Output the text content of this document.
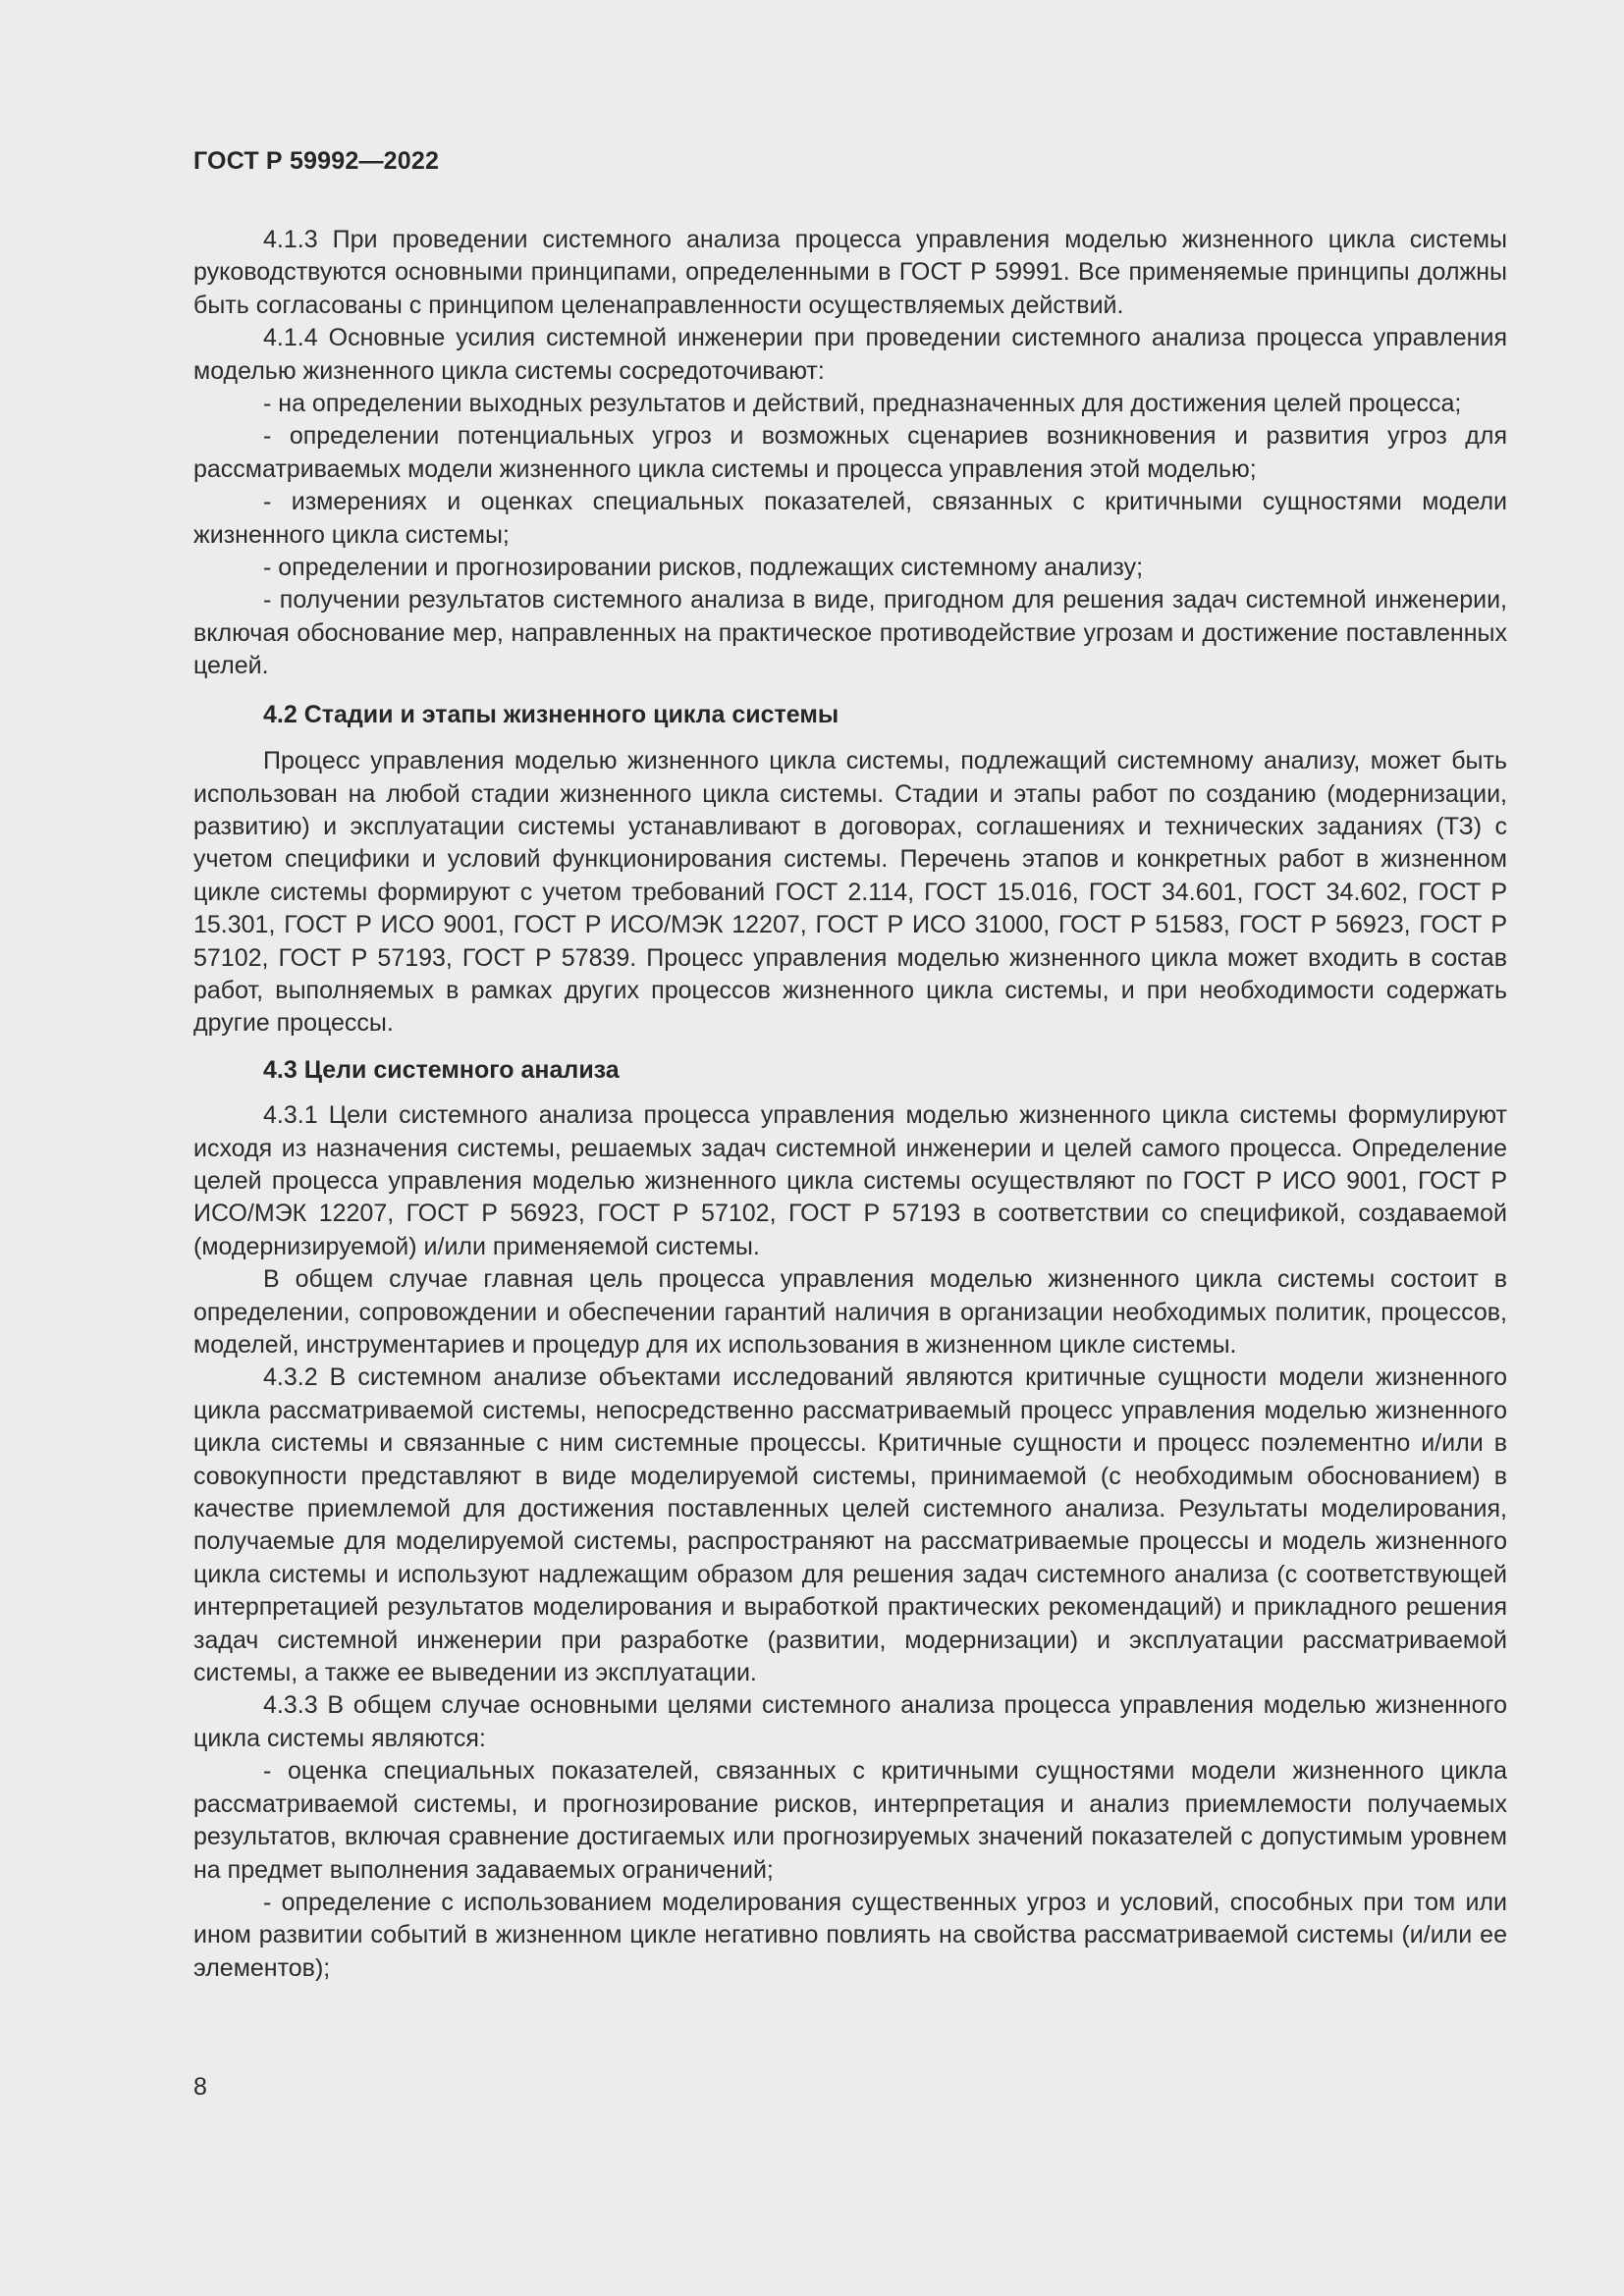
ГОСТ Р 59992—2022

4.1.3 При проведении системного анализа процесса управления моделью жизненного цикла системы руководствуются основными принципами, определенными в ГОСТ Р 59991. Все применяемые принципы должны быть согласованы с принципом целенаправленности осуществляемых действий.

4.1.4 Основные усилия системной инженерии при проведении системного анализа процесса управления моделью жизненного цикла системы сосредоточивают:

- на определении выходных результатов и действий, предназначенных для достижения целей процесса;

- определении потенциальных угроз и возможных сценариев возникновения и развития угроз для рассматриваемых модели жизненного цикла системы и процесса управления этой моделью;

- измерениях и оценках специальных показателей, связанных с критичными сущностями модели жизненного цикла системы;

- определении и прогнозировании рисков, подлежащих системному анализу;

- получении результатов системного анализа в виде, пригодном для решения задач системной инженерии, включая обоснование мер, направленных на практическое противодействие угрозам и достижение поставленных целей.

4.2 Стадии и этапы жизненного цикла системы

Процесс управления моделью жизненного цикла системы, подлежащий системному анализу, может быть использован на любой стадии жизненного цикла системы. Стадии и этапы работ по созданию (модернизации, развитию) и эксплуатации системы устанавливают в договорах, соглашениях и технических заданиях (ТЗ) с учетом специфики и условий функционирования системы. Перечень этапов и конкретных работ в жизненном цикле системы формируют с учетом требований ГОСТ 2.114, ГОСТ 15.016, ГОСТ 34.601, ГОСТ 34.602, ГОСТ Р 15.301, ГОСТ Р ИСО 9001, ГОСТ Р ИСО/МЭК 12207, ГОСТ Р ИСО 31000, ГОСТ Р 51583, ГОСТ Р 56923, ГОСТ Р 57102, ГОСТ Р 57193, ГОСТ Р 57839. Процесс управления моделью жизненного цикла может входить в состав работ, выполняемых в рамках других процессов жизненного цикла системы, и при необходимости содержать другие процессы.

4.3 Цели системного анализа

4.3.1 Цели системного анализа процесса управления моделью жизненного цикла системы формулируют исходя из назначения системы, решаемых задач системной инженерии и целей самого процесса. Определение целей процесса управления моделью жизненного цикла системы осуществляют по ГОСТ Р ИСО 9001, ГОСТ Р ИСО/МЭК 12207, ГОСТ Р 56923, ГОСТ Р 57102, ГОСТ Р 57193 в соответствии со спецификой, создаваемой (модернизируемой) и/или применяемой системы.

В общем случае главная цель процесса управления моделью жизненного цикла системы состоит в определении, сопровождении и обеспечении гарантий наличия в организации необходимых политик, процессов, моделей, инструментариев и процедур для их использования в жизненном цикле системы.

4.3.2 В системном анализе объектами исследований являются критичные сущности модели жизненного цикла рассматриваемой системы, непосредственно рассматриваемый процесс управления моделью жизненного цикла системы и связанные с ним системные процессы. Критичные сущности и процесс поэлементно и/или в совокупности представляют в виде моделируемой системы, принимаемой (с необходимым обоснованием) в качестве приемлемой для достижения поставленных целей системного анализа. Результаты моделирования, получаемые для моделируемой системы, распространяют на рассматриваемые процессы и модель жизненного цикла системы и используют надлежащим образом для решения задач системного анализа (с соответствующей интерпретацией результатов моделирования и выработкой практических рекомендаций) и прикладного решения задач системной инженерии при разработке (развитии, модернизации) и эксплуатации рассматриваемой системы, а также ее выведении из эксплуатации.

4.3.3 В общем случае основными целями системного анализа процесса управления моделью жизненного цикла системы являются:

- оценка специальных показателей, связанных с критичными сущностями модели жизненного цикла рассматриваемой системы, и прогнозирование рисков, интерпретация и анализ приемлемости получаемых результатов, включая сравнение достигаемых или прогнозируемых значений показателей с допустимым уровнем на предмет выполнения задаваемых ограничений;

- определение с использованием моделирования существенных угроз и условий, способных при том или ином развитии событий в жизненном цикле негативно повлиять на свойства рассматриваемой системы (и/или ее элементов);

8
